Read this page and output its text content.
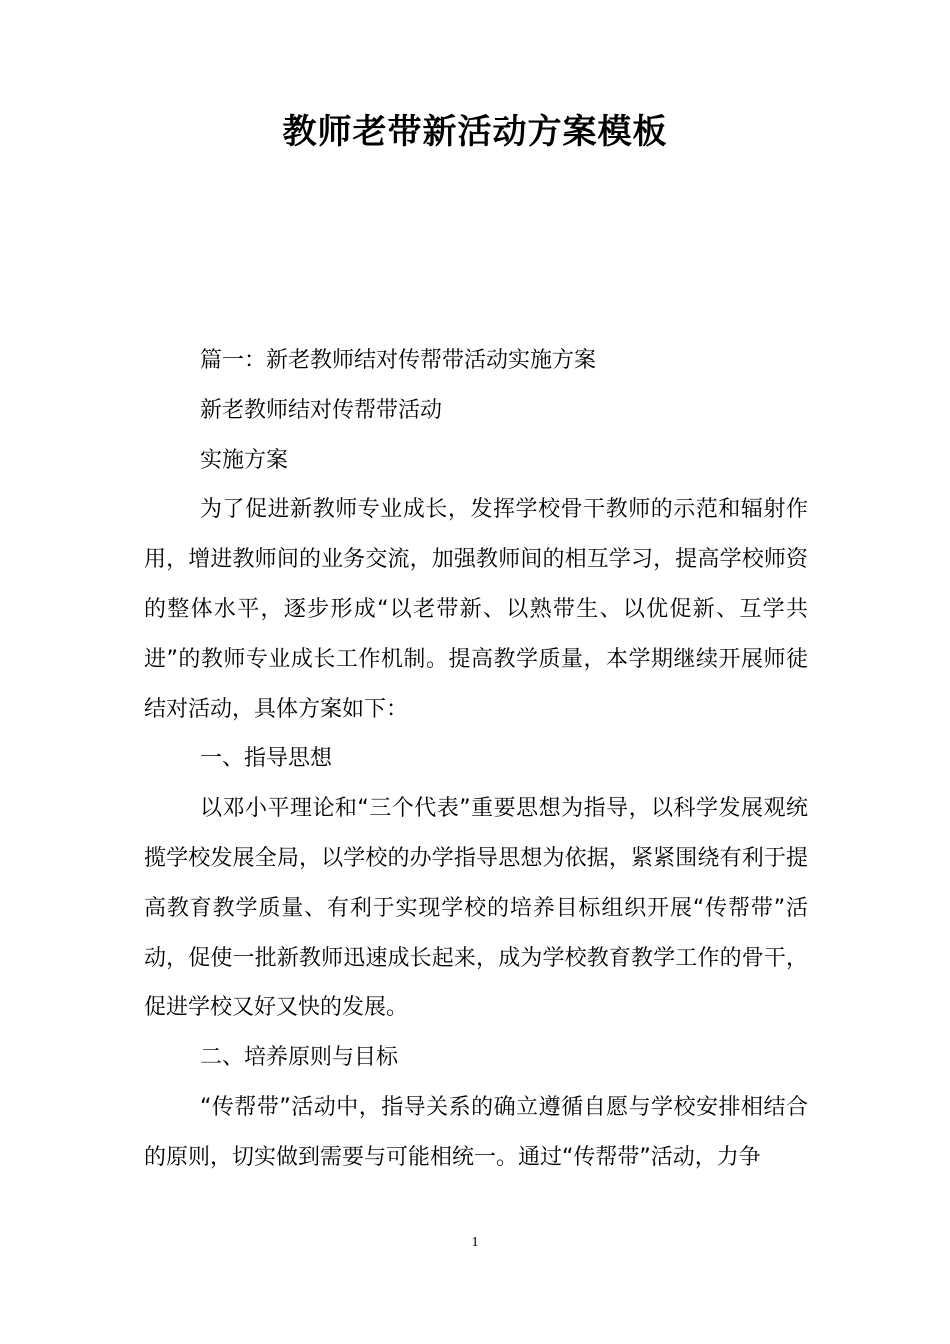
教师老带新活动方案模板

篇一：新老教师结对传帮带活动实施方案

新老教师结对传帮带活动

实施方案

为了促进新教师专业成长，发挥学校骨干教师的示范和辐射作用，增进教师间的业务交流，加强教师间的相互学习，提高学校师资的整体水平，逐步形成“以老带新、以熟带生、以优促新、互学共进”的教师专业成长工作机制。提高教学质量，本学期继续开展师徒结对活动，具体方案如下：

一、指导思想

以邓小平理论和“三个代表”重要思想为指导，以科学发展观统揽学校发展全局，以学校的办学指导思想为依据，紧紧围绕有利于提高教育教学质量、有利于实现学校的培养目标组织开展“传帮带”活动，促使一批新教师迅速成长起来，成为学校教育教学工作的骨干，促进学校又好又快的发展。

二、培养原则与目标

“传帮带”活动中，指导关系的确立遵循自愿与学校安排相结合的原则，切实做到需要与可能相统一。通过“传帮带”活动，力争

1
